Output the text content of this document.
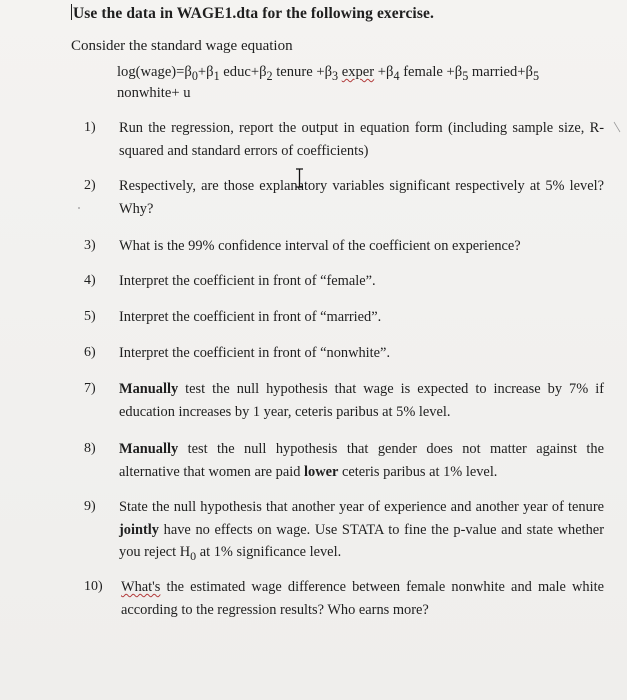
Use the data in WAGE1.dta for the following exercise.
Consider the standard wage equation
$\log(wage)=\beta_0+\beta_1$ $educ+\beta_2$ tenure $+\beta_3$ exper $+\beta_4$ female $+\beta_5$ $married+\beta_5$
nonwhite+ u
1)	Run the regression, report the output in equation form (including sample size, R-squared and standard errors of coefficients)
2)	Respectively, are those explanatory variables significant respectively at 5% level? Why?
3)	What is the 99% confidence interval of the coefficient on experience?
4)	Interpret the coefficient in front of “female”.
5)	Interpret the coefficient in front of “married”.
6)	Interpret the coefficient in front of “nonwhite”.
7)	Manually test the null hypothesis that wage is expected to increase by 7% if education increases by 1 year, ceteris paribus at 5% level.
8)	Manually test the null hypothesis that gender does not matter against the alternative that women are paid lower ceteris paribus at 1% level.
9)	State the null hypothesis that another year of experience and another year of tenure jointly have no effects on wage. Use STATA to fine the p-value and state whether you reject $H_0$ at 1% significance level.
10)	What's the estimated wage difference between female nonwhite and male white according to the regression results? Who earns more?
